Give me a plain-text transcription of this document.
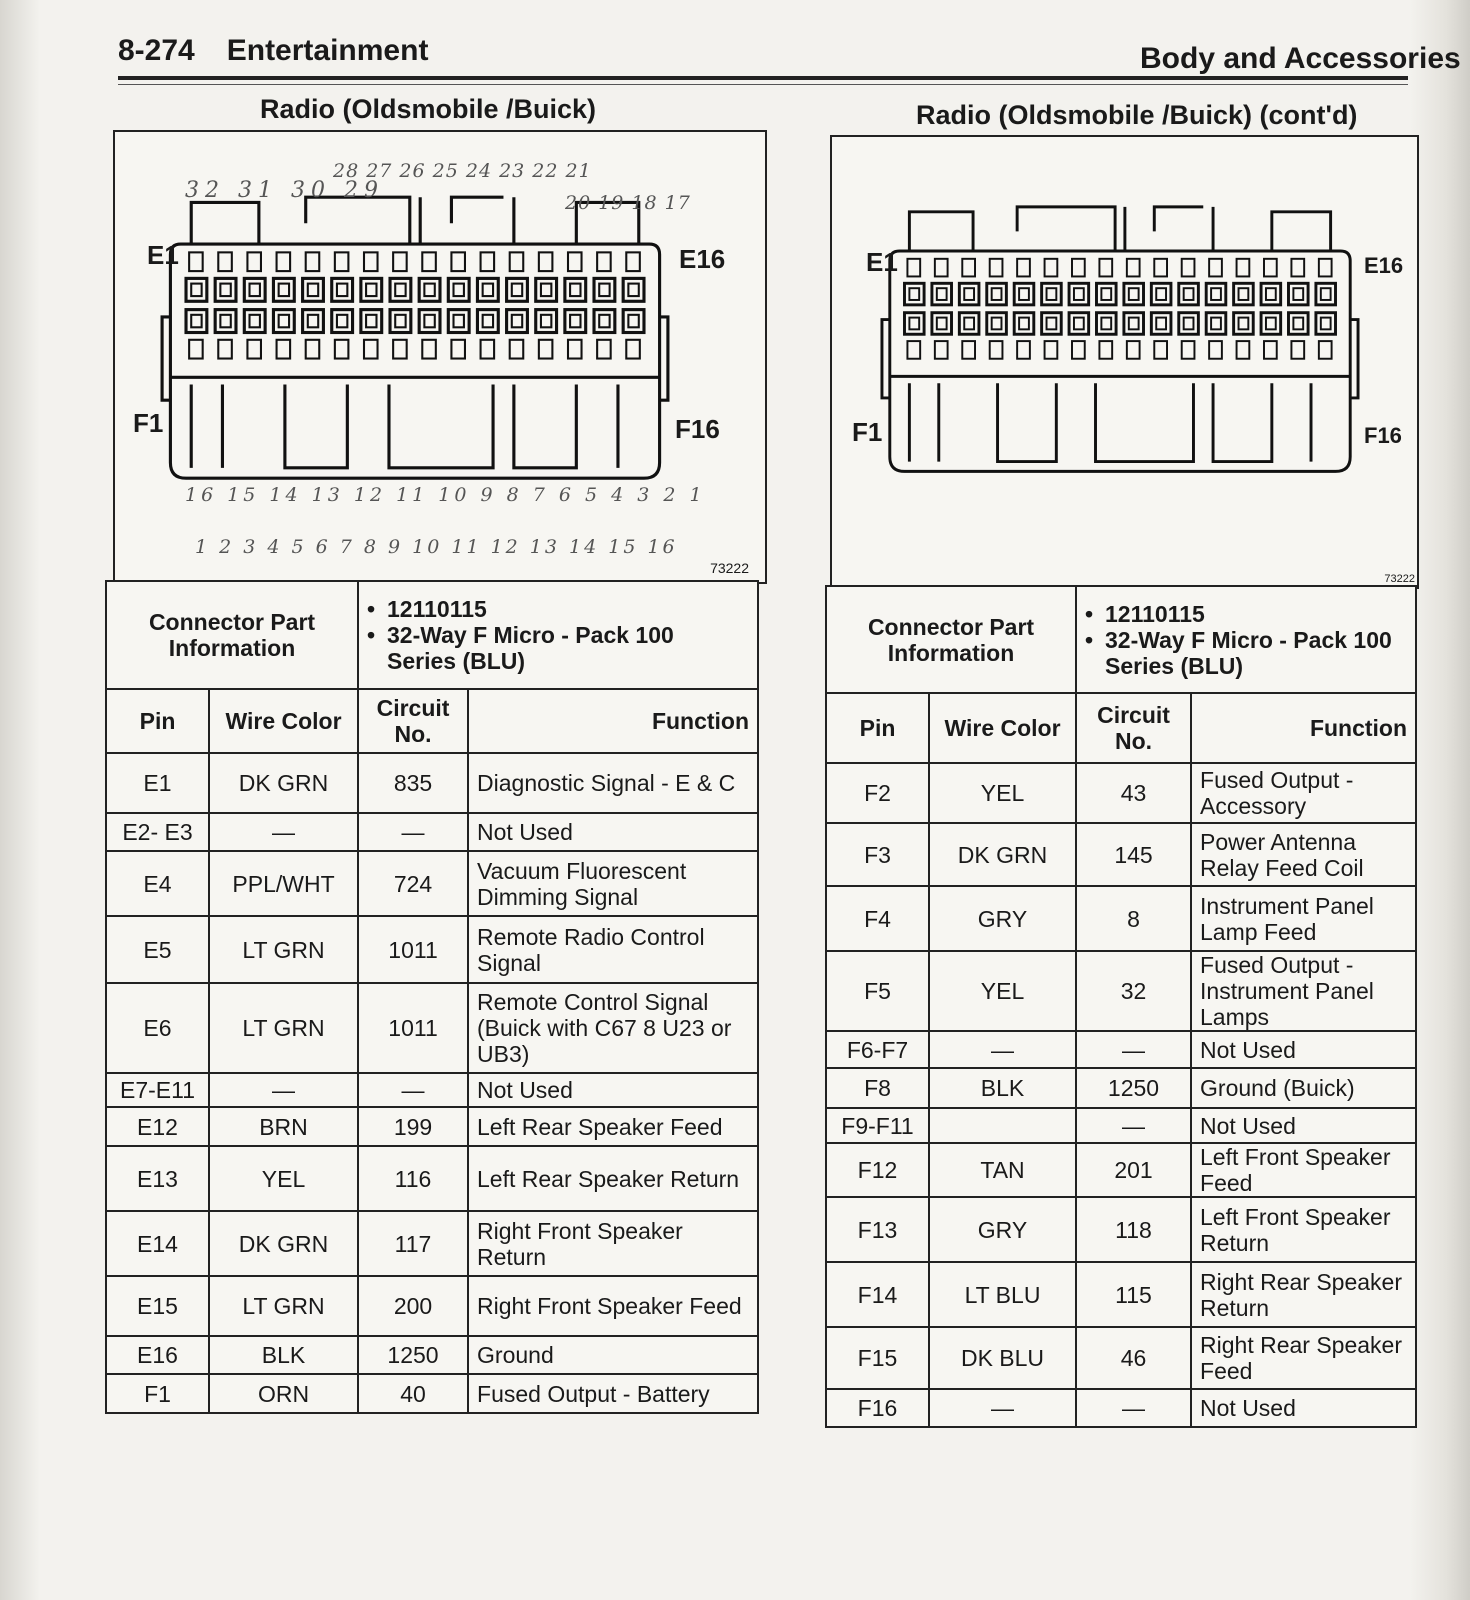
8-274 Entertainment	Body and Accessories
Radio (Oldsmobile /Buick)
32 31 30 29
28 27 26 25 24 23 22 21
20 19 18 17
16 15 14 13 12 11 10 9 8 7 6 5 4 3 2 1
1 2 3 4 5 6 7 8 9 10 11 12 13 14 15 16
E1	E16
F1	F16
73222
Connector Part Information		• 12110115
• 32-Way F Micro - Pack 100 Series (BLU)

Pin	Wire Color	Circuit No.	Function
E1	DK GRN	835	Diagnostic Signal - E & C
E2- E3	—	—	Not Used
E4	PPL/WHT	724	Vacuum Fluorescent Dimming Signal
E5	LT GRN	1011	Remote Radio Control Signal
E6	LT GRN	1011	Remote Control Signal (Buick with C67 8 U23 or UB3)
E7-E11	—	—	Not Used
E12	BRN	199	Left Rear Speaker Feed
E13	YEL	116	Left Rear Speaker Return
E14	DK GRN	117	Right Front Speaker Return
E15	LT GRN	200	Right Front Speaker Feed
E16	BLK	1250	Ground
F1	ORN	40	Fused Output - Battery
Radio (Oldsmobile /Buick) (cont'd)
E1	E16
F1	F16
73222
Connector Part Information		• 12110115
• 32-Way F Micro - Pack 100 Series (BLU)

Pin	Wire Color	Circuit No.	Function
F2	YEL	43	Fused Output - Accessory
F3	DK GRN	145	Power Antenna Relay Feed Coil
F4	GRY	8	Instrument Panel Lamp Feed
F5	YEL	32	Fused Output - Instrument Panel Lamps
F6-F7	—	—	Not Used
F8	BLK	1250	Ground (Buick)
F9-F11		—	Not Used
F12	TAN	201	Left Front Speaker Feed
F13	GRY	118	Left Front Speaker Return
F14	LT BLU	115	Right Rear Speaker Return
F15	DK BLU	46	Right Rear Speaker Feed
F16	—	—	Not Used
